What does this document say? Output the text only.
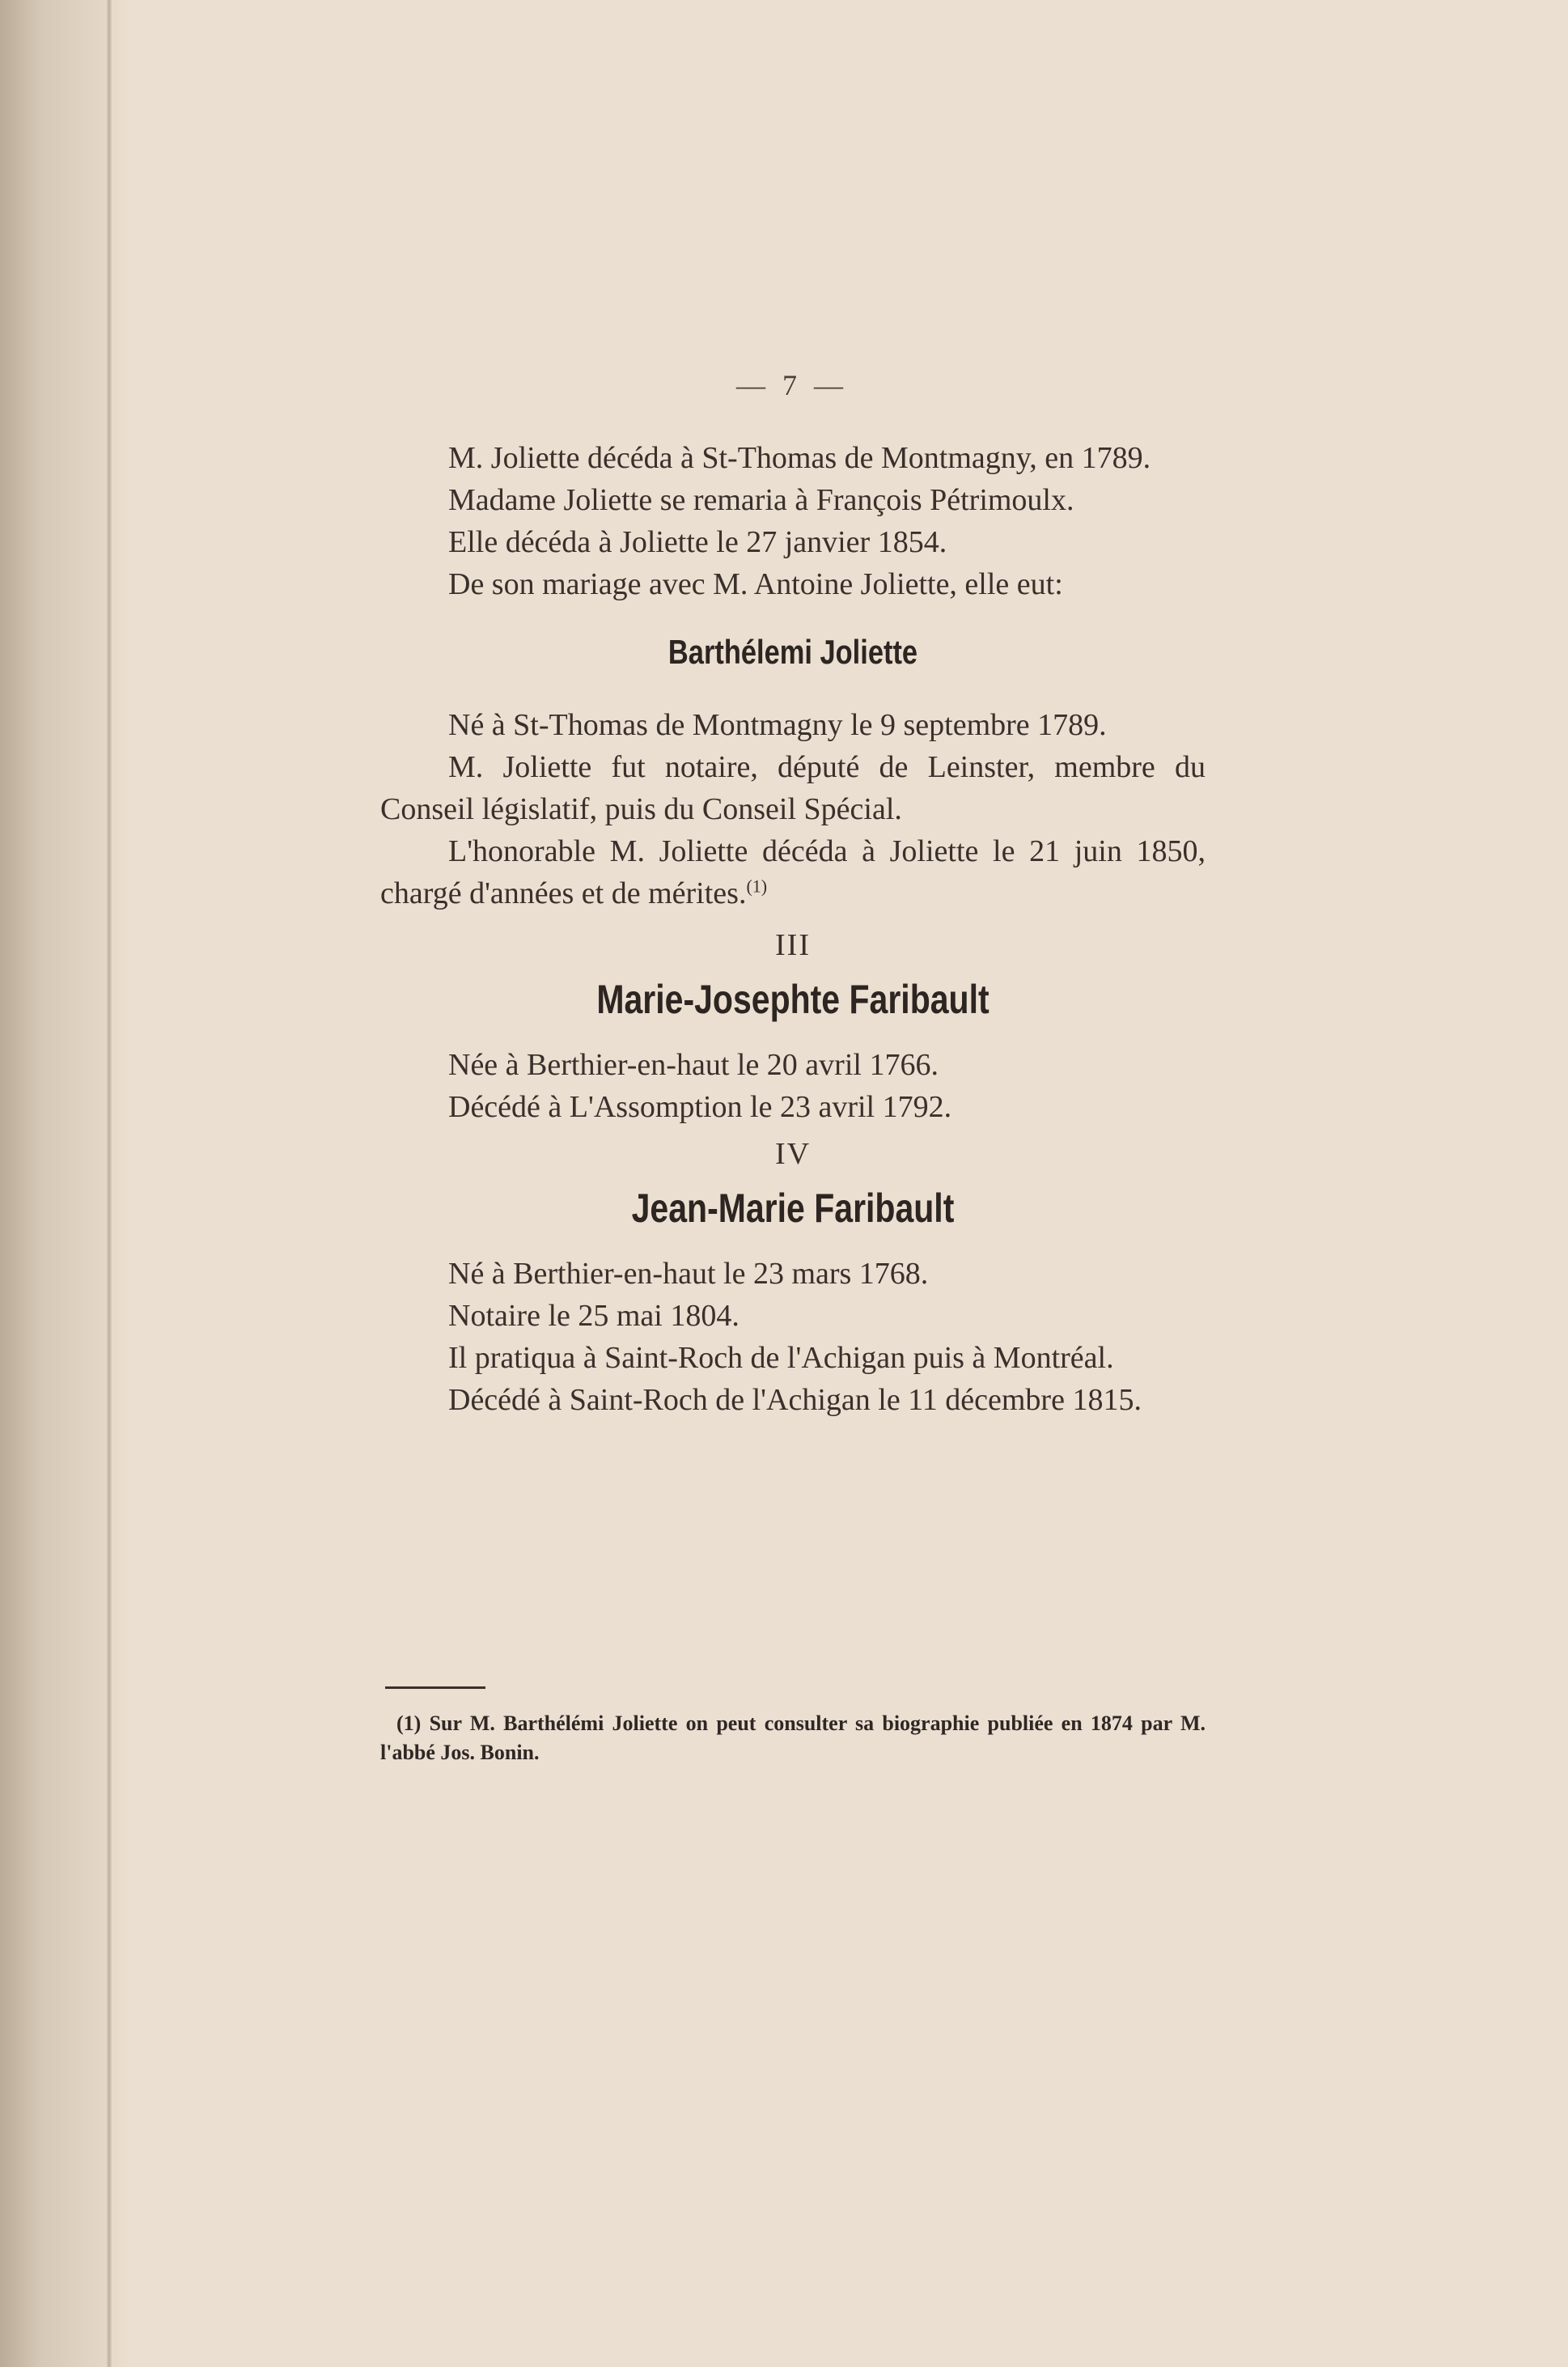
— 7 —

M. Joliette décéda à St-Thomas de Montmagny, en 1789.

Madame Joliette se remaria à François Pétrimoulx.

Elle décéda à Joliette le 27 janvier 1854.

De son mariage avec M. Antoine Joliette, elle eut:

Barthélemi Joliette

Né à St-Thomas de Montmagny le 9 septembre 1789.

M. Joliette fut notaire, député de Leinster, membre du Conseil législatif, puis du Conseil Spécial.

L'honorable M. Joliette décéda à Joliette le 21 juin 1850, chargé d'années et de mérites.$^{(1)}$

III
Marie-Josephte Faribault

Née à Berthier-en-haut le 20 avril 1766.

Décédé à L'Assomption le 23 avril 1792.

IV
Jean-Marie Faribault

Né à Berthier-en-haut le 23 mars 1768.

Notaire le 25 mai 1804.

Il pratiqua à Saint-Roch de l'Achigan puis à Montréal.

Décédé à Saint-Roch de l'Achigan le 11 décembre 1815.

(1) Sur M. Barthélémi Joliette on peut consulter sa biographie publiée en 1874 par M. l'abbé Jos. Bonin.
